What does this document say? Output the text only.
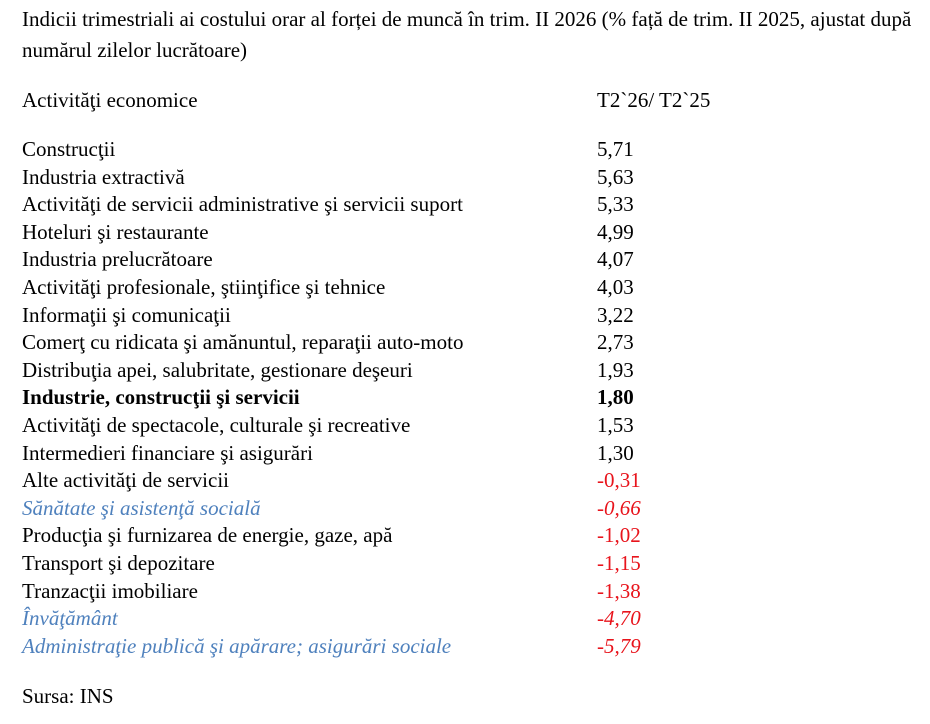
Indicii trimestriali ai costului orar al forței de muncă în trim. II 2026 (% față de trim. II 2025, ajustat după numărul zilelor lucrătoare)

Activităţi economice	T2`26/ T2`25
Construcţii	5,71
Industria extractivă	5,63
Activităţi de servicii administrative şi servicii suport	5,33
Hoteluri şi restaurante	4,99
Industria prelucrătoare	4,07
Activităţi profesionale, ştiinţifice şi tehnice	4,03
Informaţii şi comunicaţii	3,22
Comerţ cu ridicata şi amănuntul, reparaţii auto-moto	2,73
Distribuţia apei, salubritate, gestionare deşeuri	1,93
Industrie, construcţii şi servicii	1,80
Activităţi de spectacole, culturale şi recreative	1,53
Intermedieri financiare şi asigurări	1,30
Alte activităţi de servicii	-0,31
Sănătate şi asistenţă socială	-0,66
Producţia şi furnizarea de energie, gaze, apă	-1,02
Transport şi depozitare	-1,15
Tranzacţii imobiliare	-1,38
Învăţământ	-4,70
Administraţie publică şi apărare; asigurări sociale	-5,79
Sursa: INS
